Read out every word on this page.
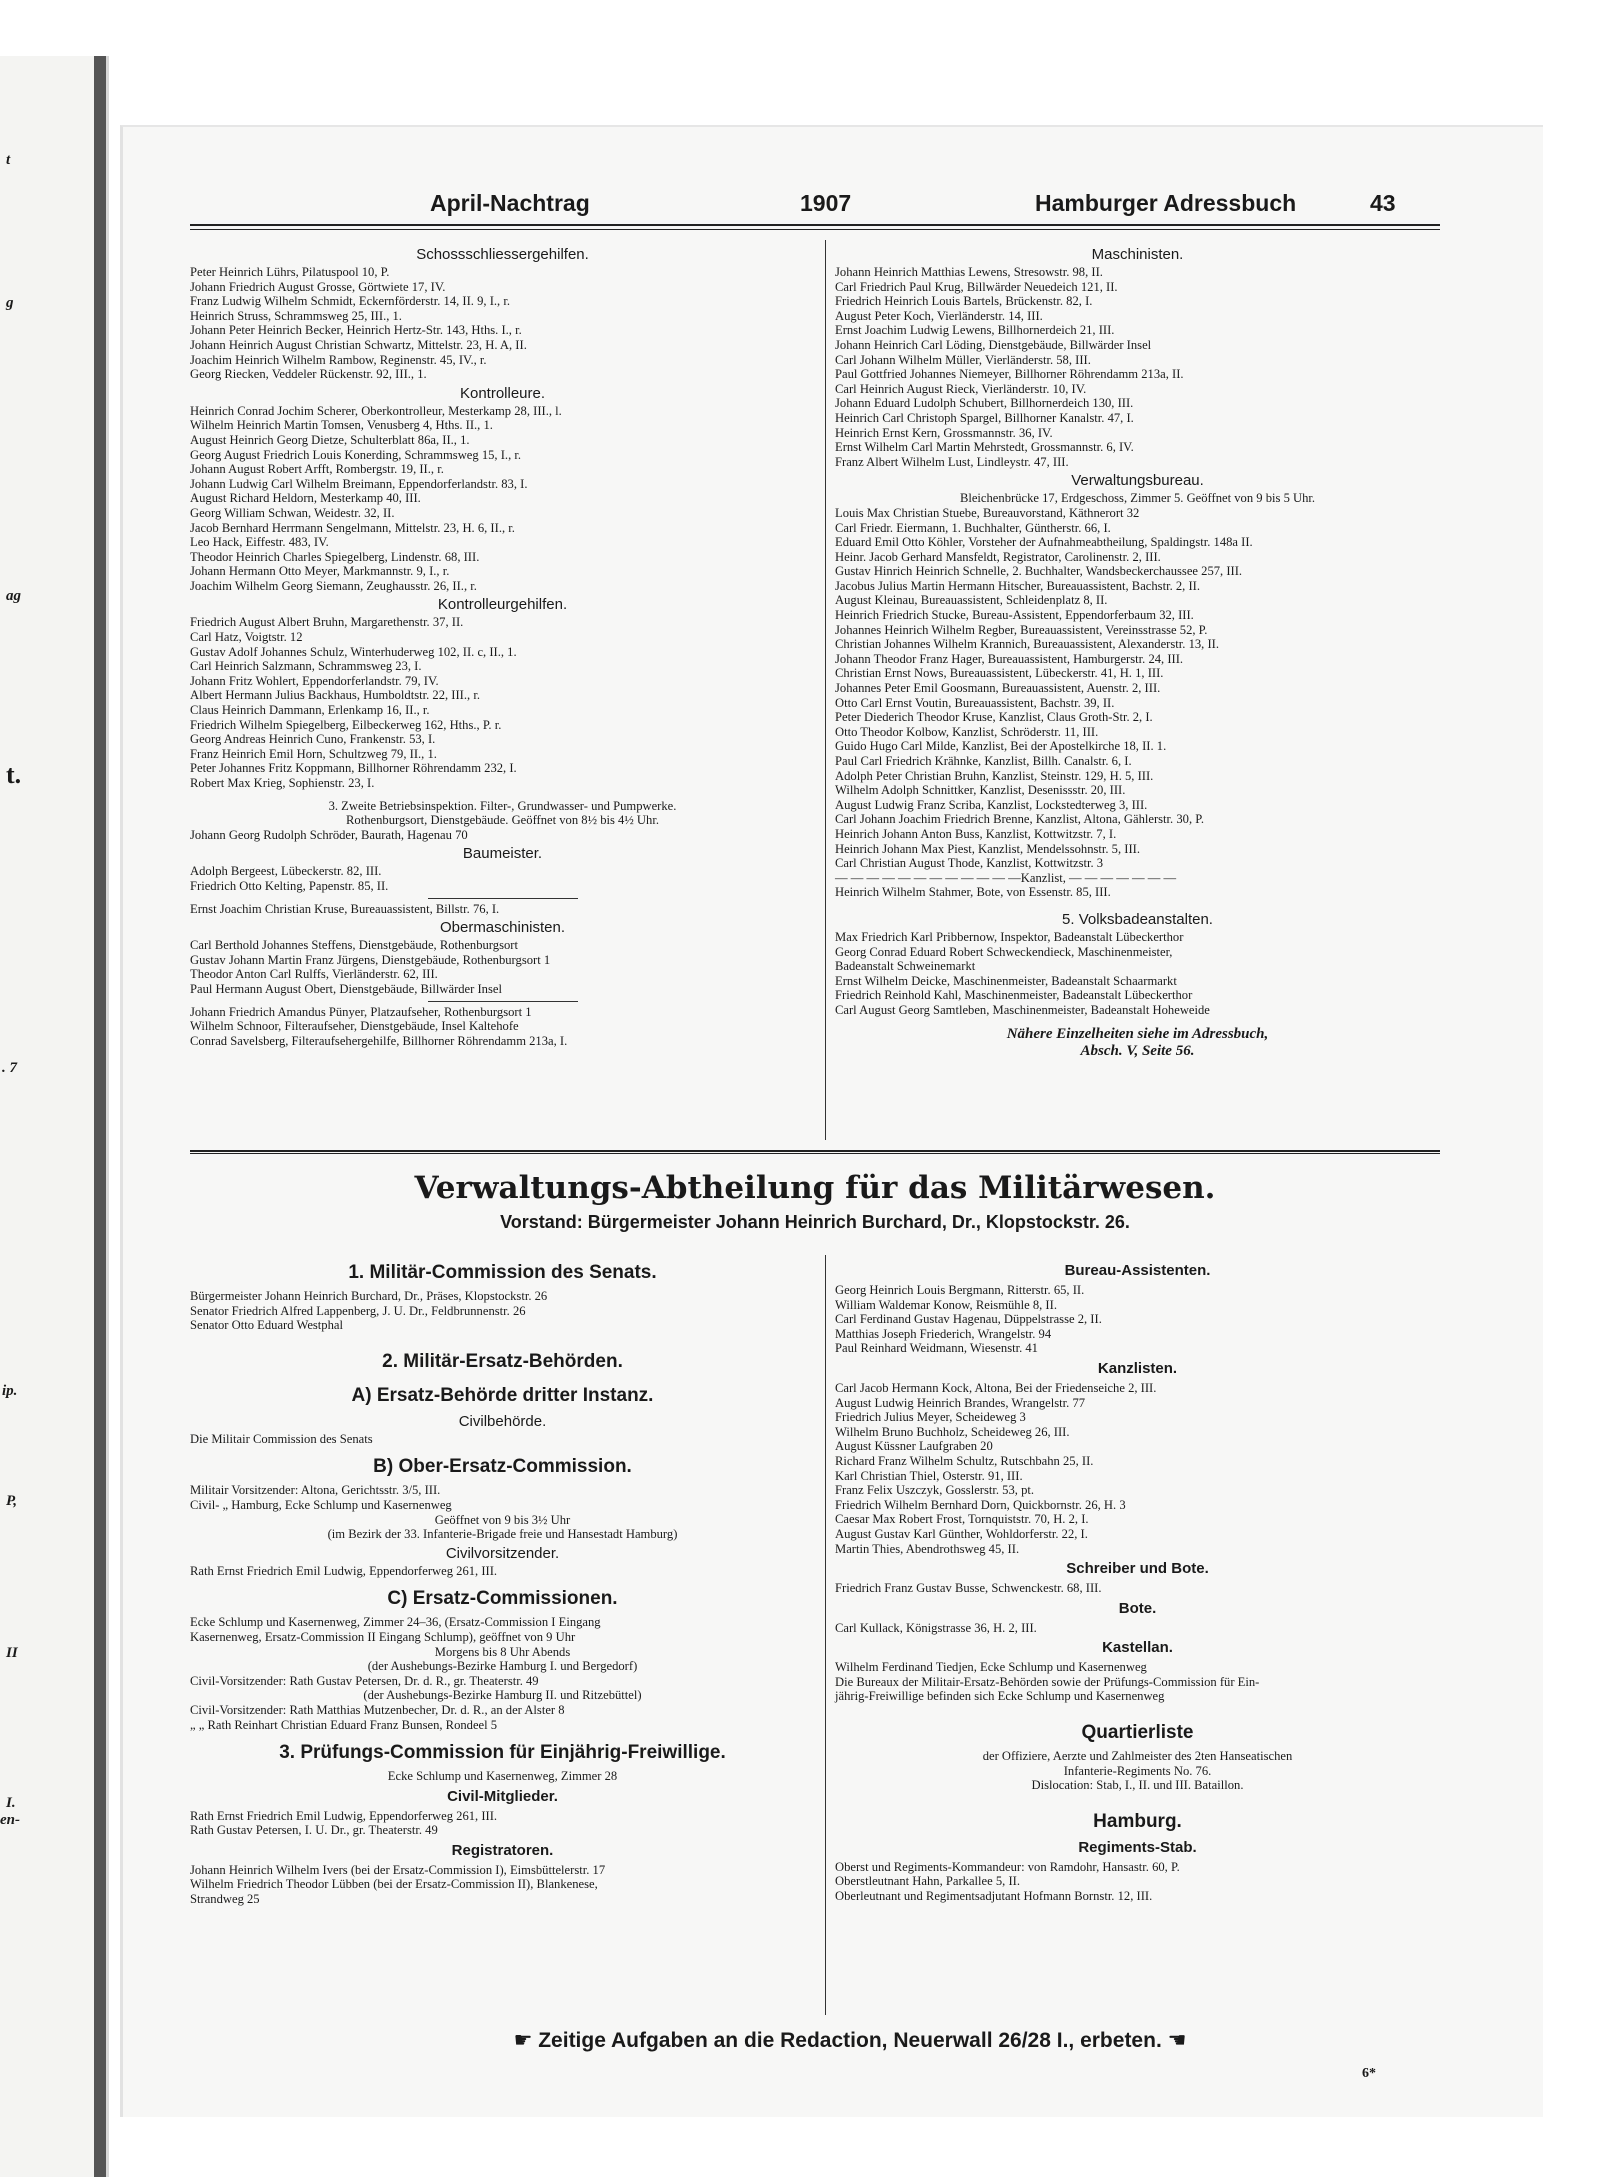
t
g
ag
t.
. 7
ip.
P,
II
I.
en-
April-Nachtrag	1907	Hamburger Adressbuch	43
Schossschliessergehilfen.
Peter Heinrich Lührs, Pilatuspool 10, P.
Johann Friedrich August Grosse, Görtwiete 17, IV.
Franz Ludwig Wilhelm Schmidt, Eckernförderstr. 14, II. 9, I., r.
Heinrich Struss, Schrammsweg 25, III., 1.
Johann Peter Heinrich Becker, Heinrich Hertz-Str. 143, Hths. I., r.
Johann Heinrich August Christian Schwartz, Mittelstr. 23, H. A, II.
Joachim Heinrich Wilhelm Rambow, Reginenstr. 45, IV., r.
Georg Riecken, Veddeler Rückenstr. 92, III., 1.
Kontrolleure.
Heinrich Conrad Jochim Scherer, Oberkontrolleur, Mesterkamp 28, III., l.
Wilhelm Heinrich Martin Tomsen, Venusberg 4, Hths. II., 1.
August Heinrich Georg Dietze, Schulterblatt 86a, II., 1.
Georg August Friedrich Louis Konerding, Schrammsweg 15, I., r.
Johann August Robert Arfft, Rombergstr. 19, II., r.
Johann Ludwig Carl Wilhelm Breimann, Eppendorferlandstr. 83, I.
August Richard Heldorn, Mesterkamp 40, III.
Georg William Schwan, Weidestr. 32, II.
Jacob Bernhard Herrmann Sengelmann, Mittelstr. 23, H. 6, II., r.
Leo Hack, Eiffestr. 483, IV.
Theodor Heinrich Charles Spiegelberg, Lindenstr. 68, III.
Johann Hermann Otto Meyer, Markmannstr. 9, I., r.
Joachim Wilhelm Georg Siemann, Zeughausstr. 26, II., r.
Kontrolleurgehilfen.
Friedrich August Albert Bruhn, Margarethenstr. 37, II.
Carl Hatz, Voigtstr. 12
Gustav Adolf Johannes Schulz, Winterhuderweg 102, II. c, II., 1.
Carl Heinrich Salzmann, Schrammsweg 23, I.
Johann Fritz Wohlert, Eppendorferlandstr. 79, IV.
Albert Hermann Julius Backhaus, Humboldtstr. 22, III., r.
Claus Heinrich Dammann, Erlenkamp 16, II., r.
Friedrich Wilhelm Spiegelberg, Eilbeckerweg 162, Hths., P. r.
Georg Andreas Heinrich Cuno, Frankenstr. 53, I.
Franz Heinrich Emil Horn, Schultzweg 79, II., 1.
Peter Johannes Fritz Koppmann, Billhorner Röhrendamm 232, I.
Robert Max Krieg, Sophienstr. 23, I.
3. Zweite Betriebsinspektion. Filter-, Grundwasser- und Pumpwerke.
Rothenburgsort, Dienstgebäude. Geöffnet von 8½ bis 4½ Uhr.
Johann Georg Rudolph Schröder, Baurath, Hagenau 70
Baumeister.
Adolph Bergeest, Lübeckerstr. 82, III.
Friedrich Otto Kelting, Papenstr. 85, II.
Ernst Joachim Christian Kruse, Bureauassistent, Billstr. 76, I.
Obermaschinisten.
Carl Berthold Johannes Steffens, Dienstgebäude, Rothenburgsort
Gustav Johann Martin Franz Jürgens, Dienstgebäude, Rothenburgsort 1
Theodor Anton Carl Rulffs, Vierländerstr. 62, III.
Paul Hermann August Obert, Dienstgebäude, Billwärder Insel
Johann Friedrich Amandus Pünyer, Platzaufseher, Rothenburgsort 1
Wilhelm Schnoor, Filteraufseher, Dienstgebäude, Insel Kaltehofe
Conrad Savelsberg, Filteraufsehergehilfe, Billhorner Röhrendamm 213a, I.
Maschinisten.
Johann Heinrich Matthias Lewens, Stresowstr. 98, II.
Carl Friedrich Paul Krug, Billwärder Neuedeich 121, II.
Friedrich Heinrich Louis Bartels, Brückenstr. 82, I.
August Peter Koch, Vierländerstr. 14, III.
Ernst Joachim Ludwig Lewens, Billhornerdeich 21, III.
Johann Heinrich Carl Löding, Dienstgebäude, Billwärder Insel
Carl Johann Wilhelm Müller, Vierländerstr. 58, III.
Paul Gottfried Johannes Niemeyer, Billhorner Röhrendamm 213a, II.
Carl Heinrich August Rieck, Vierländerstr. 10, IV.
Johann Eduard Ludolph Schubert, Billhornerdeich 130, III.
Heinrich Carl Christoph Spargel, Billhorner Kanalstr. 47, I.
Heinrich Ernst Kern, Grossmannstr. 36, IV.
Ernst Wilhelm Carl Martin Mehrstedt, Grossmannstr. 6, IV.
Franz Albert Wilhelm Lust, Lindleystr. 47, III.
Verwaltungsbureau.
Bleichenbrücke 17, Erdgeschoss, Zimmer 5. Geöffnet von 9 bis 5 Uhr.
Louis Max Christian Stuebe, Bureauvorstand, Käthnerort 32
Carl Friedr. Eiermann, 1. Buchhalter, Güntherstr. 66, I.
Eduard Emil Otto Köhler, Vorsteher der Aufnahmeabtheilung, Spaldingstr. 148a II.
Heinr. Jacob Gerhard Mansfeldt, Registrator, Carolinenstr. 2, III.
Gustav Hinrich Heinrich Schnelle, 2. Buchhalter, Wandsbeckerchaussee 257, III.
Jacobus Julius Martin Hermann Hitscher, Bureauassistent, Bachstr. 2, II.
August Kleinau, Bureauassistent, Schleidenplatz 8, II.
Heinrich Friedrich Stucke, Bureau-Assistent, Eppendorferbaum 32, III.
Johannes Heinrich Wilhelm Regber, Bureauassistent, Vereinsstrasse 52, P.
Christian Johannes Wilhelm Krannich, Bureauassistent, Alexanderstr. 13, II.
Johann Theodor Franz Hager, Bureauassistent, Hamburgerstr. 24, III.
Christian Ernst Nows, Bureauassistent, Lübeckerstr. 41, H. 1, III.
Johannes Peter Emil Goosmann, Bureauassistent, Auenstr. 2, III.
Otto Carl Ernst Voutin, Bureauassistent, Bachstr. 39, II.
Peter Diederich Theodor Kruse, Kanzlist, Claus Groth-Str. 2, I.
Otto Theodor Kolbow, Kanzlist, Schröderstr. 11, III.
Guido Hugo Carl Milde, Kanzlist, Bei der Apostelkirche 18, II. 1.
Paul Carl Friedrich Krähnke, Kanzlist, Billh. Canalstr. 6, I.
Adolph Peter Christian Bruhn, Kanzlist, Steinstr. 129, H. 5, III.
Wilhelm Adolph Schnittker, Kanzlist, Desenissstr. 20, III.
August Ludwig Franz Scriba, Kanzlist, Lockstedterweg 3, III.
Carl Johann Joachim Friedrich Brenne, Kanzlist, Altona, Gählerstr. 30, P.
Heinrich Johann Anton Buss, Kanzlist, Kottwitzstr. 7, I.
Heinrich Johann Max Piest, Kanzlist, Mendelssohnstr. 5, III.
Carl Christian August Thode, Kanzlist, Kottwitzstr. 3
— — — — — — — — — — — —Kanzlist, — — — — — — —
Heinrich Wilhelm Stahmer, Bote, von Essenstr. 85, III.
5. Volksbadeanstalten.
Max Friedrich Karl Pribbernow, Inspektor, Badeanstalt Lübeckerthor
Georg Conrad Eduard Robert Schweckendieck, Maschinenmeister,
Badeanstalt Schweinemarkt
Ernst Wilhelm Deicke, Maschinenmeister, Badeanstalt Schaarmarkt
Friedrich Reinhold Kahl, Maschinenmeister, Badeanstalt Lübeckerthor
Carl August Georg Samtleben, Maschinenmeister, Badeanstalt Hoheweide
Nähere Einzelheiten siehe im Adressbuch,
Absch. V, Seite 56.
Verwaltungs-Abtheilung für das Militärwesen.
Vorstand: Bürgermeister Johann Heinrich Burchard, Dr., Klopstockstr. 26.
1. Militär-Commission des Senats.
Bürgermeister Johann Heinrich Burchard, Dr., Präses, Klopstockstr. 26
Senator Friedrich Alfred Lappenberg, J. U. Dr., Feldbrunnenstr. 26
Senator Otto Eduard Westphal
2. Militär-Ersatz-Behörden.
A) Ersatz-Behörde dritter Instanz.
Civilbehörde.
Die Militair Commission des Senats
B) Ober-Ersatz-Commission.
Militair Vorsitzender: Altona, Gerichtsstr. 3/5, III.
Civil- „ Hamburg, Ecke Schlump und Kasernenweg
Geöffnet von 9 bis 3½ Uhr
(im Bezirk der 33. Infanterie-Brigade freie und Hansestadt Hamburg)
Civilvorsitzender.
Rath Ernst Friedrich Emil Ludwig, Eppendorferweg 261, III.
C) Ersatz-Commissionen.
Ecke Schlump und Kasernenweg, Zimmer 24–36, (Ersatz-Commission I Eingang
Kasernenweg, Ersatz-Commission II Eingang Schlump), geöffnet von 9 Uhr
Morgens bis 8 Uhr Abends
(der Aushebungs-Bezirke Hamburg I. und Bergedorf)
Civil-Vorsitzender: Rath Gustav Petersen, Dr. d. R., gr. Theaterstr. 49
(der Aushebungs-Bezirke Hamburg II. und Ritzebüttel)
Civil-Vorsitzender: Rath Matthias Mutzenbecher, Dr. d. R., an der Alster 8
„ „ Rath Reinhart Christian Eduard Franz Bunsen, Rondeel 5
3. Prüfungs-Commission für Einjährig-Freiwillige.
Ecke Schlump und Kasernenweg, Zimmer 28
Civil-Mitglieder.
Rath Ernst Friedrich Emil Ludwig, Eppendorferweg 261, III.
Rath Gustav Petersen, I. U. Dr., gr. Theaterstr. 49
Registratoren.
Johann Heinrich Wilhelm Ivers (bei der Ersatz-Commission I), Eimsbüttelerstr. 17
Wilhelm Friedrich Theodor Lübben (bei der Ersatz-Commission II), Blankenese,
Strandweg 25
Bureau-Assistenten.
Georg Heinrich Louis Bergmann, Ritterstr. 65, II.
William Waldemar Konow, Reismühle 8, II.
Carl Ferdinand Gustav Hagenau, Düppelstrasse 2, II.
Matthias Joseph Friederich, Wrangelstr. 94
Paul Reinhard Weidmann, Wiesenstr. 41
Kanzlisten.
Carl Jacob Hermann Kock, Altona, Bei der Friedenseiche 2, III.
August Ludwig Heinrich Brandes, Wrangelstr. 77
Friedrich Julius Meyer, Scheideweg 3
Wilhelm Bruno Buchholz, Scheideweg 26, III.
August Küssner Laufgraben 20
Richard Franz Wilhelm Schultz, Rutschbahn 25, II.
Karl Christian Thiel, Osterstr. 91, III.
Franz Felix Uszczyk, Gosslerstr. 53, pt.
Friedrich Wilhelm Bernhard Dorn, Quickbornstr. 26, H. 3
Caesar Max Robert Frost, Tornquiststr. 70, H. 2, I.
August Gustav Karl Günther, Wohldorferstr. 22, I.
Martin Thies, Abendrothsweg 45, II.
Schreiber und Bote.
Friedrich Franz Gustav Busse, Schwenckestr. 68, III.
Bote.
Carl Kullack, Königstrasse 36, H. 2, III.
Kastellan.
Wilhelm Ferdinand Tiedjen, Ecke Schlump und Kasernenweg
Die Bureaux der Militair-Ersatz-Behörden sowie der Prüfungs-Commission für Ein-
jährig-Freiwillige befinden sich Ecke Schlump und Kasernenweg
Quartierliste
der Offiziere, Aerzte und Zahlmeister des 2ten Hanseatischen
Infanterie-Regiments No. 76.
Dislocation: Stab, I., II. und III. Bataillon.
Hamburg.
Regiments-Stab.
Oberst und Regiments-Kommandeur: von Ramdohr, Hansastr. 60, P.
Oberstleutnant Hahn, Parkallee 5, II.
Oberleutnant und Regimentsadjutant Hofmann Bornstr. 12, III.
☛ Zeitige Aufgaben an die Redaction, Neuerwall 26/28 I., erbeten. ☚
6*
